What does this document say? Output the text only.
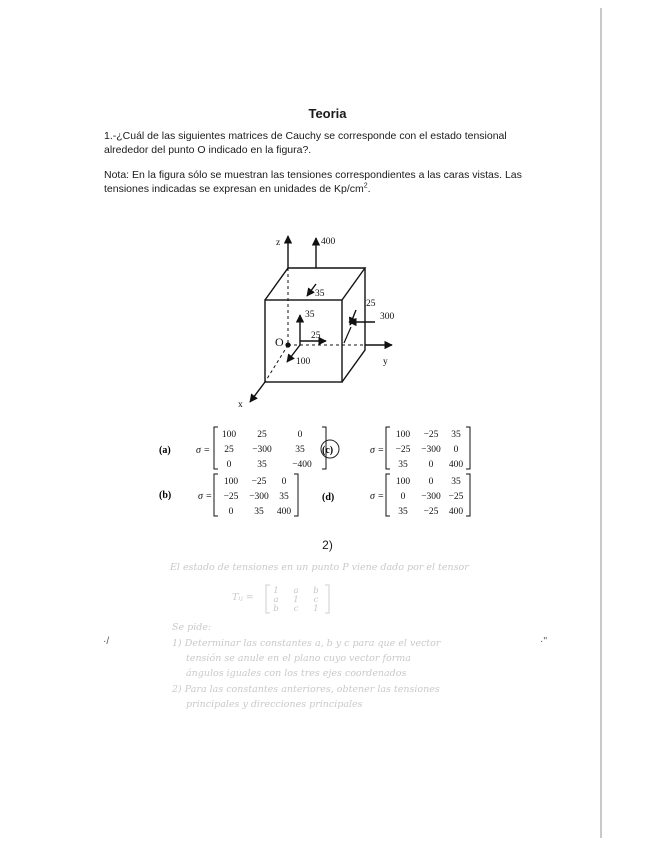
Teoria

1.-¿Cuál de las siguientes matrices de Cauchy se corresponde con el estado tensional alrededor del punto O indicado en la figura?.

Nota: En la figura sólo se muestran las tensiones correspondientes a las caras vistas. Las tensiones indicadas se expresan en unidades de $Kp/cm^2$.

z
y
x
O
400
35
35
25
300
25
100
(a)
(b)
(c)
(d)
σ =
σ =
σ =
σ =
100 25	0
25 −300 35
0	35	−400
100 −25 0
−25 −300 35
0 35 400
100 −25 35
−25 −300 0
35 0 400
100 0 35
0 −300 −25
35 −25 400
1 a b
a 1 c
b c 1
2)
El estado de tensiones en un punto P viene dado por el tensor
Tᵢⱼ =
Se pide:
1) Determinar las constantes a, b y c para que el vector
tensión se anule en el plano cuyo vector forma
ángulos iguales con los tres ejes coordenados
2) Para las constantes anteriores, obtener las tensiones
principales y direcciones principales
·/	·''
